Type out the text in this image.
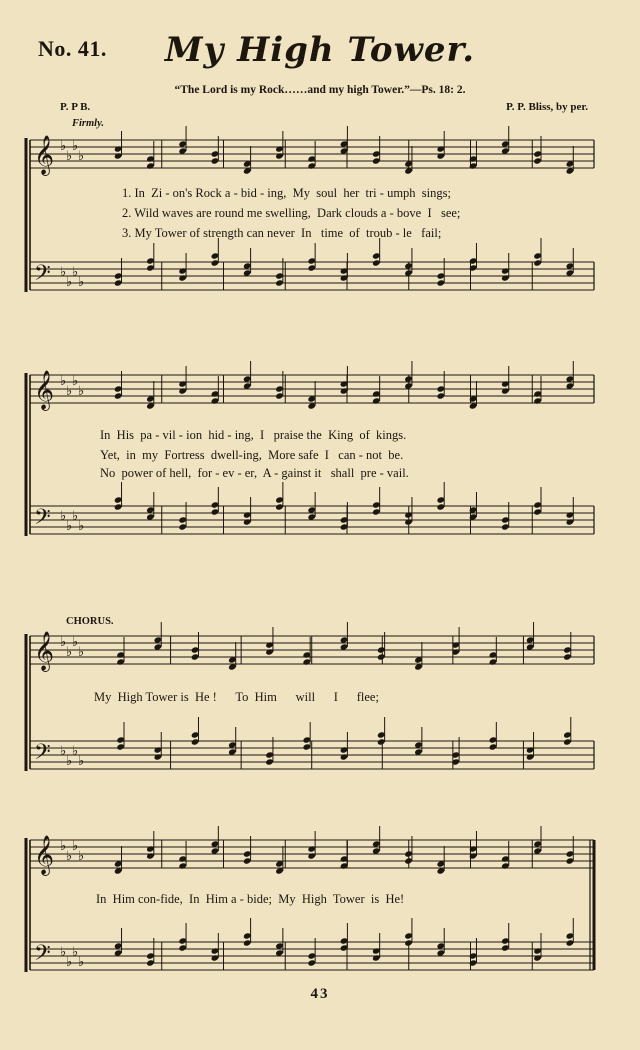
No. 41.	My High Tower.
“The Lord is my Rock……and my high Tower.”—Ps. 18: 2.
P. P B.	P. P. Bliss, by per.
Firmly.
𝄞
𝄢
♭
♭
♭
♭
♭
♭
♭
♭
𝄞
𝄢
♭
♭
♭
♭
♭
♭
♭
♭
𝄞
𝄢
♭
♭
♭
♭
♭
♭
♭
♭
𝄞
𝄢
♭
♭
♭
♭
♭
♭
♭
♭
1. In  Zi - on's Rock a - bid - ing,  My  soul  her  tri - umph  sings;
2. Wild waves are round me swelling,  Dark clouds a - bove  I   see;
3. My Tower of strength can never  In   time  of  troub - le   fail;
In  His  pa - vil - ion  hid - ing,  I   praise the  King  of  kings.
Yet,  in  my  Fortress  dwell-ing,  More safe  I   can - not  be.
No  power of hell,  for - ev - er,  A - gainst it   shall  pre - vail.
CHORUS.
My  High Tower is  He !      To  Him      will      I      flee;
In  Him con-fide,  In  Him a - bide;  My  High  Tower  is  He!
43
